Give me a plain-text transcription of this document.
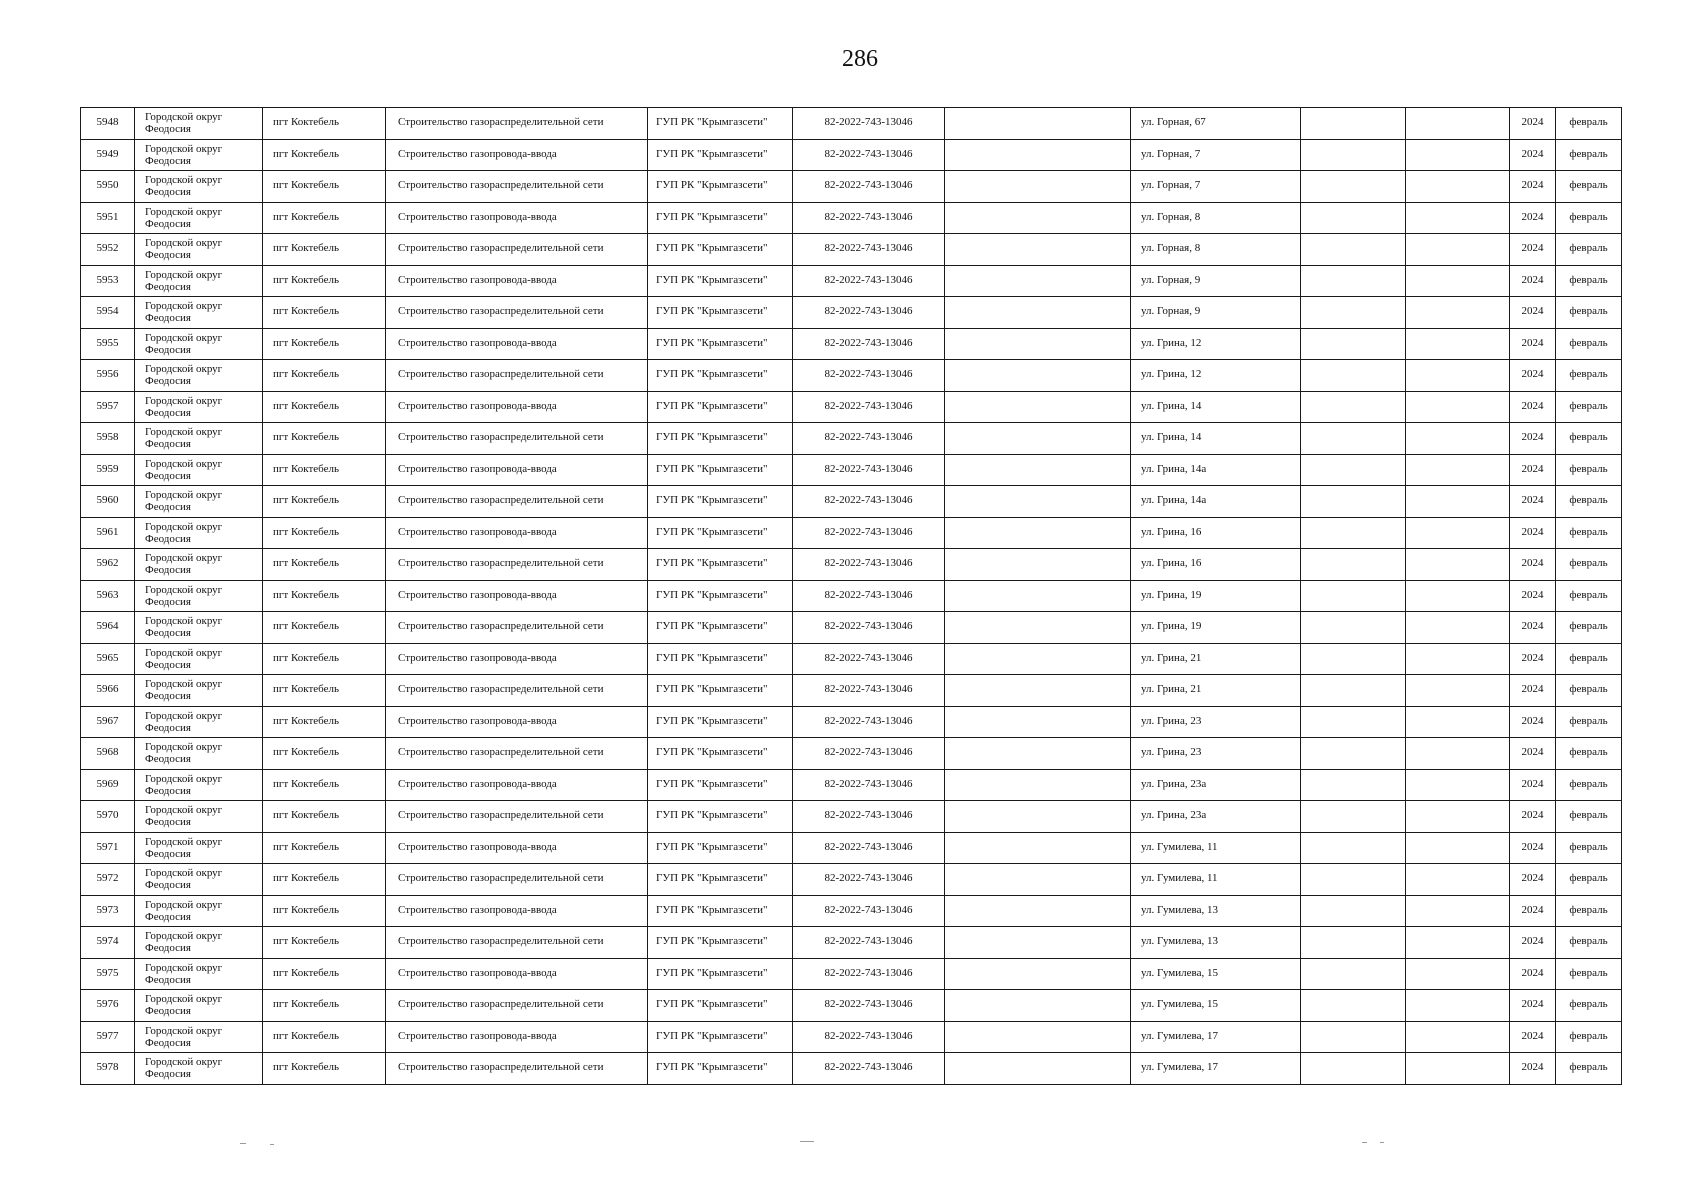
286
5948	Городской округ Феодосия	пгт Коктебель	Строительство газораспределительной сети	ГУП РК "Крымгазсети"	82-2022-743-13046		ул. Горная, 67			2024	февраль
5949	Городской округ Феодосия	пгт Коктебель	Строительство газопровода-ввода	ГУП РК "Крымгазсети"	82-2022-743-13046		ул. Горная, 7			2024	февраль
5950	Городской округ Феодосия	пгт Коктебель	Строительство газораспределительной сети	ГУП РК "Крымгазсети"	82-2022-743-13046		ул. Горная, 7			2024	февраль
5951	Городской округ Феодосия	пгт Коктебель	Строительство газопровода-ввода	ГУП РК "Крымгазсети"	82-2022-743-13046		ул. Горная, 8			2024	февраль
5952	Городской округ Феодосия	пгт Коктебель	Строительство газораспределительной сети	ГУП РК "Крымгазсети"	82-2022-743-13046		ул. Горная, 8			2024	февраль
5953	Городской округ Феодосия	пгт Коктебель	Строительство газопровода-ввода	ГУП РК "Крымгазсети"	82-2022-743-13046		ул. Горная, 9			2024	февраль
5954	Городской округ Феодосия	пгт Коктебель	Строительство газораспределительной сети	ГУП РК "Крымгазсети"	82-2022-743-13046		ул. Горная, 9			2024	февраль
5955	Городской округ Феодосия	пгт Коктебель	Строительство газопровода-ввода	ГУП РК "Крымгазсети"	82-2022-743-13046		ул. Грина, 12			2024	февраль
5956	Городской округ Феодосия	пгт Коктебель	Строительство газораспределительной сети	ГУП РК "Крымгазсети"	82-2022-743-13046		ул. Грина, 12			2024	февраль
5957	Городской округ Феодосия	пгт Коктебель	Строительство газопровода-ввода	ГУП РК "Крымгазсети"	82-2022-743-13046		ул. Грина, 14			2024	февраль
5958	Городской округ Феодосия	пгт Коктебель	Строительство газораспределительной сети	ГУП РК "Крымгазсети"	82-2022-743-13046		ул. Грина, 14			2024	февраль
5959	Городской округ Феодосия	пгт Коктебель	Строительство газопровода-ввода	ГУП РК "Крымгазсети"	82-2022-743-13046		ул. Грина, 14а			2024	февраль
5960	Городской округ Феодосия	пгт Коктебель	Строительство газораспределительной сети	ГУП РК "Крымгазсети"	82-2022-743-13046		ул. Грина, 14а			2024	февраль
5961	Городской округ Феодосия	пгт Коктебель	Строительство газопровода-ввода	ГУП РК "Крымгазсети"	82-2022-743-13046		ул. Грина, 16			2024	февраль
5962	Городской округ Феодосия	пгт Коктебель	Строительство газораспределительной сети	ГУП РК "Крымгазсети"	82-2022-743-13046		ул. Грина, 16			2024	февраль
5963	Городской округ Феодосия	пгт Коктебель	Строительство газопровода-ввода	ГУП РК "Крымгазсети"	82-2022-743-13046		ул. Грина, 19			2024	февраль
5964	Городской округ Феодосия	пгт Коктебель	Строительство газораспределительной сети	ГУП РК "Крымгазсети"	82-2022-743-13046		ул. Грина, 19			2024	февраль
5965	Городской округ Феодосия	пгт Коктебель	Строительство газопровода-ввода	ГУП РК "Крымгазсети"	82-2022-743-13046		ул. Грина, 21			2024	февраль
5966	Городской округ Феодосия	пгт Коктебель	Строительство газораспределительной сети	ГУП РК "Крымгазсети"	82-2022-743-13046		ул. Грина, 21			2024	февраль
5967	Городской округ Феодосия	пгт Коктебель	Строительство газопровода-ввода	ГУП РК "Крымгазсети"	82-2022-743-13046		ул. Грина, 23			2024	февраль
5968	Городской округ Феодосия	пгт Коктебель	Строительство газораспределительной сети	ГУП РК "Крымгазсети"	82-2022-743-13046		ул. Грина, 23			2024	февраль
5969	Городской округ Феодосия	пгт Коктебель	Строительство газопровода-ввода	ГУП РК "Крымгазсети"	82-2022-743-13046		ул. Грина, 23а			2024	февраль
5970	Городской округ Феодосия	пгт Коктебель	Строительство газораспределительной сети	ГУП РК "Крымгазсети"	82-2022-743-13046		ул. Грина, 23а			2024	февраль
5971	Городской округ Феодосия	пгт Коктебель	Строительство газопровода-ввода	ГУП РК "Крымгазсети"	82-2022-743-13046		ул. Гумилева, 11			2024	февраль
5972	Городской округ Феодосия	пгт Коктебель	Строительство газораспределительной сети	ГУП РК "Крымгазсети"	82-2022-743-13046		ул. Гумилева, 11			2024	февраль
5973	Городской округ Феодосия	пгт Коктебель	Строительство газопровода-ввода	ГУП РК "Крымгазсети"	82-2022-743-13046		ул. Гумилева, 13			2024	февраль
5974	Городской округ Феодосия	пгт Коктебель	Строительство газораспределительной сети	ГУП РК "Крымгазсети"	82-2022-743-13046		ул. Гумилева, 13			2024	февраль
5975	Городской округ Феодосия	пгт Коктебель	Строительство газопровода-ввода	ГУП РК "Крымгазсети"	82-2022-743-13046		ул. Гумилева, 15			2024	февраль
5976	Городской округ Феодосия	пгт Коктебель	Строительство газораспределительной сети	ГУП РК "Крымгазсети"	82-2022-743-13046		ул. Гумилева, 15			2024	февраль
5977	Городской округ Феодосия	пгт Коктебель	Строительство газопровода-ввода	ГУП РК "Крымгазсети"	82-2022-743-13046		ул. Гумилева, 17			2024	февраль
5978	Городской округ Феодосия	пгт Коктебель	Строительство газораспределительной сети	ГУП РК "Крымгазсети"	82-2022-743-13046		ул. Гумилева, 17			2024	февраль
